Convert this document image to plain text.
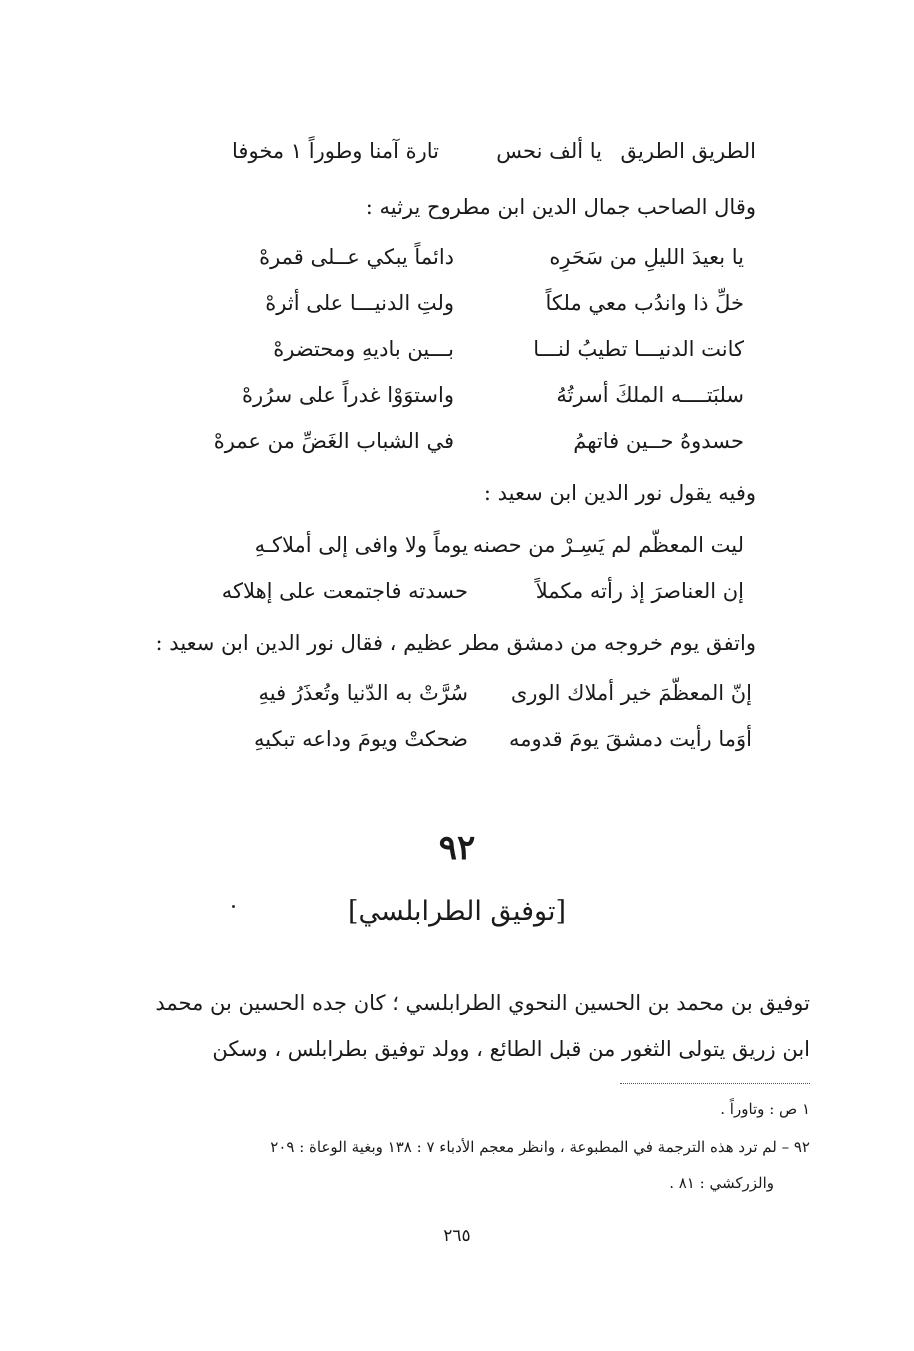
الطريق الطريق
يا ألف نحس
تارة آمنا وطوراً ١ مخوفا
وقال الصاحب جمال الدين ابن مطروح يرثيه :
يا بعيدَ الليلِ من سَحَرِه
دائماً يبكي عــلى قمرهْ
خلِّ ذا واندُب معي ملكاً
ولتِ الدنيـــا على أثرهْ
كانت الدنيـــا تطيبُ لنـــا
بـــين باديهِ ومحتضرهْ
سلبَتــــه الملكَ أسرتُهُ
واستوَوْا غدراً على سرُرهْ
حسدوهُ حــين فاتهمُ
في الشباب الغَضِّ من عمرهْ
وفيه يقول نور الدين ابن سعيد :
ليت المعظّم لم يَسِـرْ من حصنه
يوماً ولا وافى إلى أملاكـهِ
إن العناصرَ إذ رأته مكملاً
حسدته فاجتمعت على إهلاكه
واتفق يوم خروجه من دمشق مطر عظيم ، فقال نور الدين ابن سعيد :
إنّ المعظّمَ خير أملاك الورى
سُرَّتْ به الدّنيا وتُعذَرُ فيهِ
أوَما رأيت دمشقَ يومَ قدومه
ضحكتْ ويومَ وداعه تبكيهِ
٩٢
[توفيق الطرابلسي]
توفيق بن محمد بن الحسين النحوي الطرابلسي ؛ كان جده الحسين بن محمد
ابن زريق يتولى الثغور من قبل الطائع ، وولد توفيق بطرابلس ، وسكن
١ ص : وتاوراً .
٩٢ – لم ترد هذه الترجمة في المطبوعة ، وانظر معجم الأدباء ٧ : ١٣٨ وبغية الوعاة : ٢٠٩
والزركشي : ٨١ .
٢٦٥
